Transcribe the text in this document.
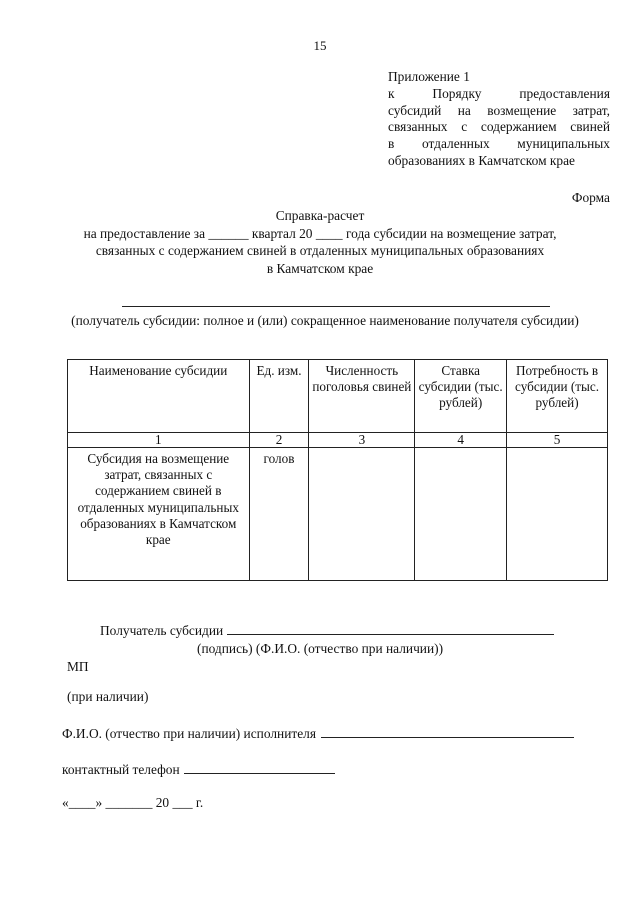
15
Приложение 1
к Порядку предоставления
субсидий на возмещение затрат,
связанных с содержанием свиней
в отдаленных муниципальных
образованиях в Камчатском крае
Форма
Справка-расчет
на предоставление за ______ квартал 20 ____ года субсидии на возмещение затрат,
связанных с содержанием свиней в отдаленных муниципальных образованиях
в Камчатском крае
(получатель субсидии: полное и (или) сокращенное наименование получателя субсидии)
Наименование субсидии	Ед. изм.	Численность поголовья свиней	Ставка субсидии (тыс. рублей)	Потребность в субсидии (тыс. рублей)
1	2	3	4	5
Субсидия на возмещение затрат, связанных с содержанием свиней в отдаленных муниципальных образованиях в Камчатском крае	голов			
Получатель субсидии
(подпись) (Ф.И.О. (отчество при наличии))
МП
(при наличии)
Ф.И.О. (отчество при наличии) исполнителя
контактный телефон
«____» _______ 20 ___ г.
